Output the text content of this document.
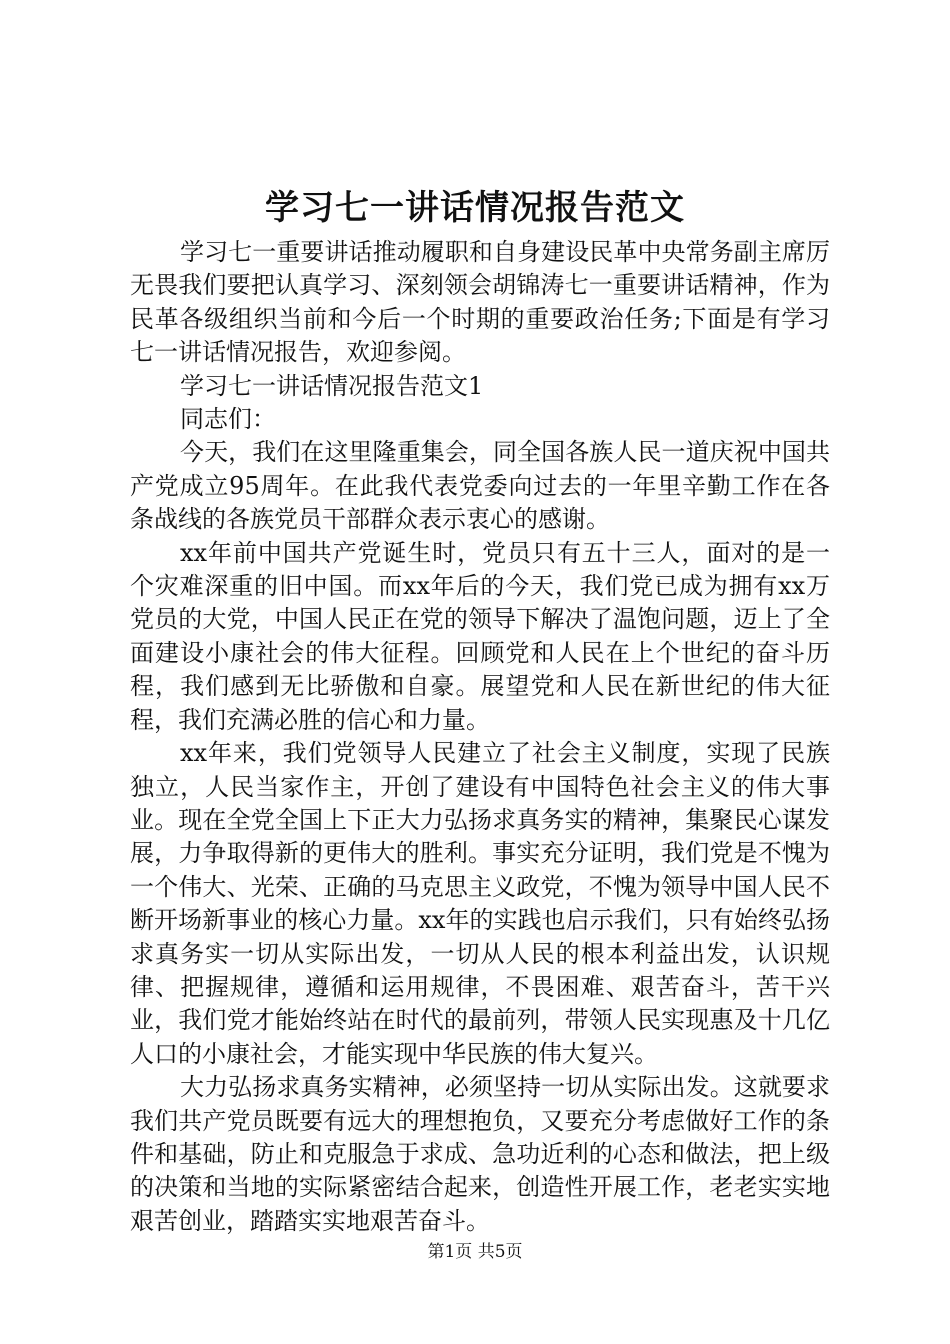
学习七一讲话情况报告范文

学习七一重要讲话推动履职和自身建设民革中央常务副主席厉无畏我们要把认真学习、深刻领会胡锦涛七一重要讲话精神，作为民革各级组织当前和今后一个时期的重要政治任务;下面是有学习七一讲话情况报告，欢迎参阅。

学习七一讲话情况报告范文1

同志们：

今天，我们在这里隆重集会，同全国各族人民一道庆祝中国共产党成立95周年。在此我代表党委向过去的一年里辛勤工作在各条战线的各族党员干部群众表示衷心的感谢。

xx年前中国共产党诞生时，党员只有五十三人，面对的是一个灾难深重的旧中国。而xx年后的今天，我们党已成为拥有xx万党员的大党，中国人民正在党的领导下解决了温饱问题，迈上了全面建设小康社会的伟大征程。回顾党和人民在上个世纪的奋斗历程，我们感到无比骄傲和自豪。展望党和人民在新世纪的伟大征程，我们充满必胜的信心和力量。

xx年来，我们党领导人民建立了社会主义制度，实现了民族独立，人民当家作主，开创了建设有中国特色社会主义的伟大事业。现在全党全国上下正大力弘扬求真务实的精神，集聚民心谋发展，力争取得新的更伟大的胜利。事实充分证明，我们党是不愧为一个伟大、光荣、正确的马克思主义政党，不愧为领导中国人民不断开场新事业的核心力量。xx年的实践也启示我们，只有始终弘扬求真务实一切从实际出发，一切从人民的根本利益出发，认识规律、把握规律，遵循和运用规律，不畏困难、艰苦奋斗，苦干兴业，我们党才能始终站在时代的最前列，带领人民实现惠及十几亿人口的小康社会，才能实现中华民族的伟大复兴。

大力弘扬求真务实精神，必须坚持一切从实际出发。这就要求我们共产党员既要有远大的理想抱负，又要充分考虑做好工作的条件和基础，防止和克服急于求成、急功近利的心态和做法，把上级的决策和当地的实际紧密结合起来，创造性开展工作，老老实实地艰苦创业，踏踏实实地艰苦奋斗。

第1页 共5页
